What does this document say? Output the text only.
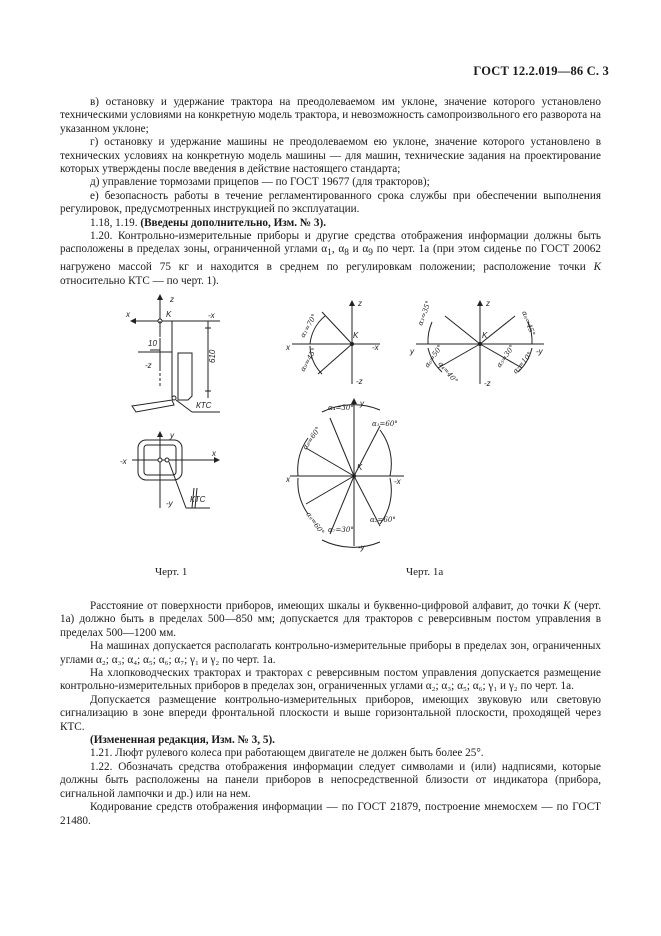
ГОСТ 12.2.019—86 С. 3

в) остановку и удержание трактора на преодолеваемом им уклоне, значение которого установлено техническими условиями на конкретную модель трактора, и невозможность самопроизвольного его разворота на указанном уклоне;

г) остановку и удержание машины не преодолеваемом ею уклоне, значение которого установлено в технических условиях на конкретную модель машины — для машин, технические задания на проектирование которых утверждены после введения в действие настоящего стандарта;

д) управление тормозами прицепов — по ГОСТ 19677 (для тракторов);

е) безопасность работы в течение регламентированного срока службы при обеспечении выполнения регулировок, предусмотренных инструкцией по эксплуатации.

1.18, 1.19. (Введены дополнительно, Изм. № 3).

1.20. Контрольно-измерительные приборы и другие средства отображения информации должны быть расположены в пределах зоны, ограниченной углами $\alpha_1$, $\alpha_8$ и $\alpha_9$ по черт. 1а (при этом сиденье по ГОСТ 20062 нагружено массой 75 кг и находится в среднем по регулировкам положении; расположение точки К относительно КТС — по черт. 1).

z
x	-x
K
10
-z
610
КТС
y
-x
x
-y КТС
z
x	-x
K
-z
α₁=70°
α₉=45°
z
y	-y
K
-z
α₃=35°	α₈=45°
α₆=50°
α₄=40°	α₇=10°
α₅=30°
y
x	-x
K
-y
α₄=30°
α₁=60°
α₈=60°
α₉=60°	α₂=60°
α₇=30°
Черт. 1	Черт. 1а

Расстояние от поверхности приборов, имеющих шкалы и буквенно-цифровой алфавит, до точки К (черт. 1а) должно быть в пределах 500—850 мм; допускается для тракторов с реверсивным постом управления в пределах 500—1200 мм.

На машинах допускается располагать контрольно-измерительные приборы в пределах зон, ограниченных углами α₂; α₃; α₄; α₅; α₆; α₇; γ₁ и γ₂ по черт. 1а.

На хлопководческих тракторах и тракторах с реверсивным постом управления допускается размещение контрольно-измерительных приборов в пределах зон, ограниченных углами α₂; α₃; α₅; α₆; γ₁ и γ₂ по черт. 1а.

Допускается размещение контрольно-измерительных приборов, имеющих звуковую или световую сигнализацию в зоне впереди фронтальной плоскости и выше горизонтальной плоскости, проходящей через КТС.

(Измененная редакция, Изм. № 3, 5).

1.21. Люфт рулевого колеса при работающем двигателе не должен быть более 25°.

1.22. Обозначать средства отображения информации следует символами и (или) надписями, которые должны быть расположены на панели приборов в непосредственной близости от индикатора (прибора, сигнальной лампочки и др.) или на нем.

Кодирование средств отображения информации — по ГОСТ 21879, построение мнемосхем — по ГОСТ 21480.
